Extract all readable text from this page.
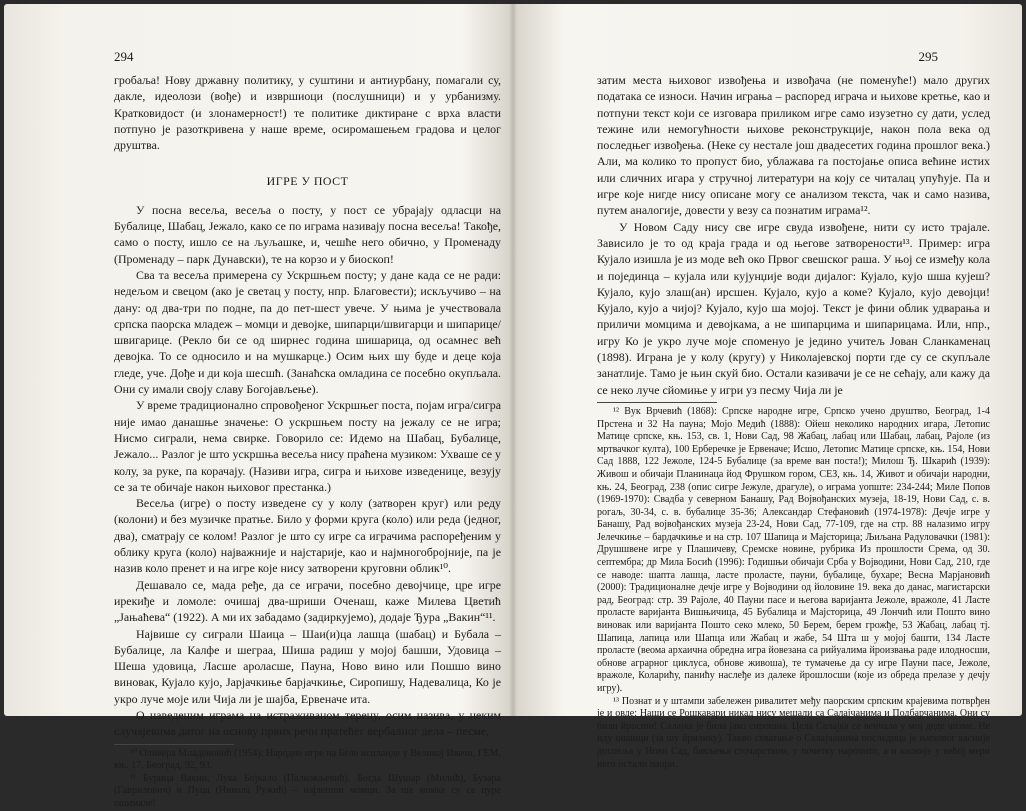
294

гробаља! Нову државну политику, у суштини и антиурбану, помагали су, дакле, идеолози (вође) и извршиоци (послушници) и у урбанизму. Кратковидост (и злонамерност!) те политике диктиране с врха власти потпуно је разоткривена у наше време, осиромашењем градова и целог друштва.

ИГРЕ У ПОСТ

У посна весеља, весеља о посту, у пост се убрајају одласци на Бубалице, Шабац, Јежало, како се по играма називају посна весеља! Такође, само о посту, ишло се на љуљашке, и, чешће него обично, у Променаду (Променаду – парк Дунавски), те на корзо и у биоскоп!

Сва та весеља примерена су Ускршњем посту; у дане када се не ради: недељом и свецом (ако је светац у посту, нпр. Благовести); искључиво – на дану: од два-три по подне, па до пет-шест увече. У њима је учествовала српска паорска младеж – момци и девојке, шипарци/швигарци и шипарице/швигарице. (Рекло би се од ширнес година шишарица, од осамнес већ девојка. То се односило и на мушкарце.) Осим њих шу буде и деце која гледе, уче. Дође и ди која шесшћ. (Занаћска омладина се посебно окупљала. Они су имали своју славу Богојављење).

У време традиционално спровођеног Ускршњег поста, појам игра/сигра није имао данашње значење: О ускршњем посту на јежалу се не игра; Нисмо сиграли, нема свирке. Говорило се: Идемо на Шабац, Бубалице, Јежало... Разлог је што ускршња весеља нису праћена музиком: Ухваше се у колу, за руке, па корачају. (Називи игра, сигра и њихове изведенице, везују се за те обичаје након њиховог престанка.)

Весеља (игре) о посту изведене су у колу (затворен круг) или реду (колони) и без музичке пратње. Било у форми круга (коло) или реда (једног, два), сматрају се колом! Разлог је што су игре са играчима распоређеним у облику круга (коло) најважније и најстарије, као и најмногобројније, па је назив коло пренет и на игре које нису затворени круговни облик¹⁰.

Дешавало се, мада ређе, да се играчи, посебно девојчице, цре игре ирекиђе и ломоле: очишај два-шриши Оченаш, каже Милева Цветић „Јањаћева“ (1922). А ми их забадамо (задиркујемо), додаје Ђура „Вакин“¹¹.

Највише су сиграли Шаица – Шаи(и)ца лашца (шабац) и Бубала – Бубалице, ла Калфе и шеграа, Шиша радиш у мојој башши, Удовица – Шеша удовица, Ласше ароласше, Пауна, Ново вино или Пошшо вино виновак, Кујало кујо, Јарјачкиње барјачкиње, Сиропишу, Надевалица, Ко је укро луче моје или Чија ли је шајба, Ервеначе ита.

О наведеним играма на истраживаном терену, осим назива, у неким случајевима датог на основу првих речи пратећег вербалног дела – песме,

¹⁰ Оливера Младеновић (1954): Народне игре на Беле испланде у Великој Ивачи, ГЕМ, књ. 17, Београд, 92, 93.

¹¹ Бурица Вакин, Лука Бојкало (Палковљевић), Богда Шушар (Милић), Бузара (Гаврилович) и Пуца (Никола Ружић) – најлепши момци. За ше момке су се цуре ошимале!

295

затим места њиховог извођења и извођача (не поменуће!) мало других података се износи. Начин играња – распоред играча и њихове кретње, као и потпуни текст који се изговара приликом игре само изузетно су дати, услед тежине или немогућности њихове реконструкције, након пола века од последњег извођења. (Неке су нестале још двадесетих година прошлог века.) Али, ма колико то пропуст био, ублажава га постојање описа већине истих или сличних игара у стручној литератури на коју се читалац упућује. Па и игре које нигде нису описане могу се анализом текста, чак и само назива, путем аналогије, довести у везу са познатим играма¹².

У Новом Саду нису све игре свуда извођене, нити су исто трајале. Зависило је то од краја града и од његове затворености¹³. Пример: игра Кујало изишла је из моде већ око Првог свешског раша. У њој се између кола и појединца – кујала или кујунџије води дијалог: Кујало, кујо шша кујеш? Кујало, кујо злаш(ан) ирсшен. Кујало, кујо а коме? Кујало, кујо девојци! Кујало, кујо а чијој? Кујало, кујо ша мојој. Текст је фини облик удварања и приличи момцима и девојкама, а не шипарцима и шипарицама. Или, нпр., игру Ко је укро луче моје споменуо је једино учитељ Јован Сланкаменац (1898). Играна је у колу (кругу) у Николајевској порти где су се скупљале занатлије. Тамо је њин скуй био. Остали казивачи је се не сећају, али кажу да се нeко луче сйомиње у игри уз песму Чија ли је

¹² Вук Врчевић (1868): Српске народне игре, Српско учено друштво, Београд, 1-4 Прстена и 32 На пауна; Мојо Медић (1888): Ойеш неколико народних игара, Летопис Матице српске, књ. 153, св. 1, Нови Сад, 98 Жабац, лабац или Шабац, лабац, Рајоле (из мртвачког култа), 100 Ерберечке је Ервеначе; Исшо, Летопис Матице српске, књ. 154, Нови Сад 1888, 122 Јежоле, 124-5 Бубалице (за време ван поста!); Милош Ђ. Шкарић (1939): Живош и обичаји Планинаца йод Фрушком гором, СЕЗ, књ. 14, Живот и обичаји народни, књ. 24, Београд, 238 (опис сигре Јежуле, драгуле), о играма уопште: 234-244; Миле Попов (1969-1970): Свадба у северном Банашу, Рад Војвођанских музеја, 18-19, Нови Сад, с. в. рогаљ, 30-34, с. в. бубалице 35-36; Александар Стефановић (1974-1978): Дечје игре у Банашу, Рад војвођанских музеја 23-24, Нови Сад, 77-109, где на стр. 88 налазимо игру Јелечкиње – бардачкиње и на стр. 107 Шапица и Мајсторица; Љиљана Радуловачки (1981): Друшшвене игре у Плашичеву, Сремске новине, рубрика Из прошлости Срема, од 30. септембра; др Мила Босић (1996): Годишњи обичаји Срба у Војводини, Нови Сад, 210, где се наводе: шапта лашца, ласте проласте, пауни, бубалице, бухаре; Весна Марјановић (2000): Традиционалне дечје игре у Војводини од йоловине 19. века до данас, магистарски рад, Београд: стр. 39 Рајоле, 40 Пауни пасе и његова варијанта Јежоле, вражоле, 41 Ласте проласте варијанта Вишњичица, 45 Бубалица и Мајсторица, 49 Лончић или Пошто вино виновак или варијанта Пошто секо млеко, 50 Берем, берем грожђе, 53 Жабац, лабац тј. Шапица, лапица или Шапца или Жабац и жабе, 54 Шта ш у мојој башти, 134 Ласте проласте (веома архаична обредна игра йовезана са рийуалима йроизвања раде илодносши, обнове аграрног циклуса, обнове живоша), те тумачење да су игре Пауни пасе, Јежоле, вражоле, Коларићу, панићу наслеђе из далеке йрошлосши (које из обреда прелазе у дечју игру).

¹³ Познат и у штампи забележен ривалитет међу паорским српским крајевима потврђен је и овде: Наши се Рошкавари никад нису мешали са Салајчанима и Подбарчанима. Они су били йросши! Салајка је била јако сирошна. Цела Салајка се венчала у мој деде чизме. Не иду ошанци (за шу йрилику). Такво схватање о Салајчанима последица је њиховог касније доспеља у Нови Сад, бављења сточарством, у почетку нарочито, а и касније у већој мери него остали паори.
